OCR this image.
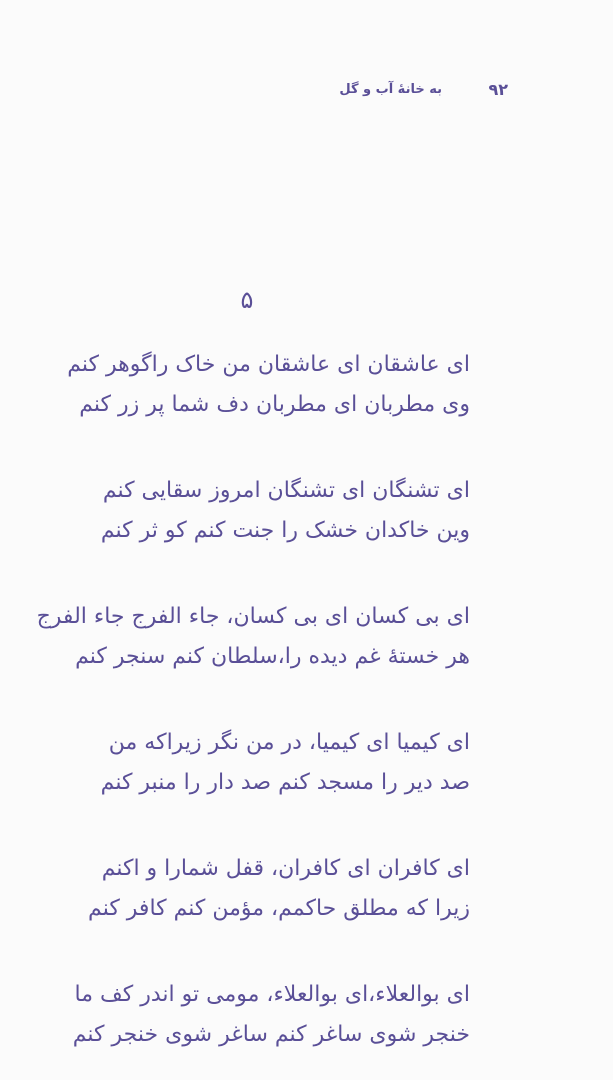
۹۲
به خانهٔ آب و گل
۵
ای عاشقان ای عاشقان من خاک راگوهر کنم
وی مطربان ای مطربان دف شما پر زر کنم
ای تشنگان ای تشنگان امروز سقایی کنم
وین خاکدان خشک را جنت کنم کو ثر کنم
ای بی کسان ای بی کسان، جاء الفرج جاء الفرج
هر خستهٔ غم دیده را،سلطان کنم سنجر کنم
ای کیمیا ای کیمیا، در من نگر زیراکه من
صد دیر را مسجد کنم صد دار را منبر کنم
ای کافران ای کافران، قفل شمارا و اکنم
زیرا که مطلق حاکمم، مؤمن کنم کافر کنم
ای بوالعلاء،ای بوالعلاء، مومی تو اندر کف ما
خنجر شوی ساغر کنم ساغر شوی خنجر کنم
